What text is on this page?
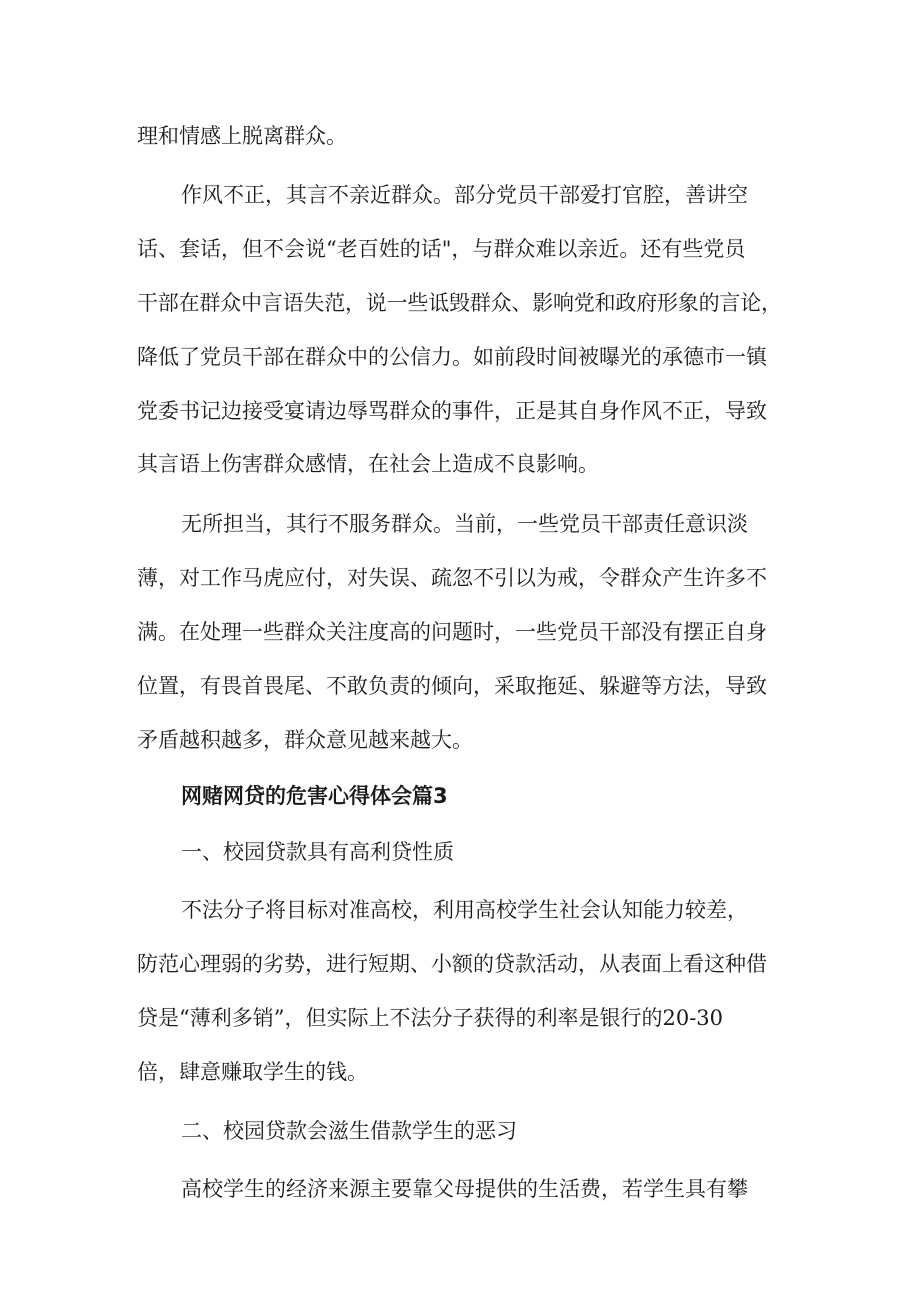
理和情感上脱离群众。
作风不正，其言不亲近群众。部分党员干部爱打官腔，善讲空
话、套话，但不会说“老百姓的话"，与群众难以亲近。还有些党员
干部在群众中言语失范，说一些诋毁群众、影响党和政府形象的言论，
降低了党员干部在群众中的公信力。如前段时间被曝光的承德市一镇
党委书记边接受宴请边辱骂群众的事件，正是其自身作风不正，导致
其言语上伤害群众感情，在社会上造成不良影响。
无所担当，其行不服务群众。当前，一些党员干部责任意识淡
薄，对工作马虎应付，对失误、疏忽不引以为戒，令群众产生许多不
满。在处理一些群众关注度高的问题时，一些党员干部没有摆正自身
位置，有畏首畏尾、不敢负责的倾向，采取拖延、躲避等方法，导致
矛盾越积越多，群众意见越来越大。
网赌网贷的危害心得体会篇3
一、校园贷款具有高利贷性质
不法分子将目标对准高校，利用高校学生社会认知能力较差，
防范心理弱的劣势，进行短期、小额的贷款活动，从表面上看这种借
贷是“薄利多销”，但实际上不法分子获得的利率是银行的20-30
倍，肆意赚取学生的钱。
二、校园贷款会滋生借款学生的恶习
高校学生的经济来源主要靠父母提供的生活费，若学生具有攀
